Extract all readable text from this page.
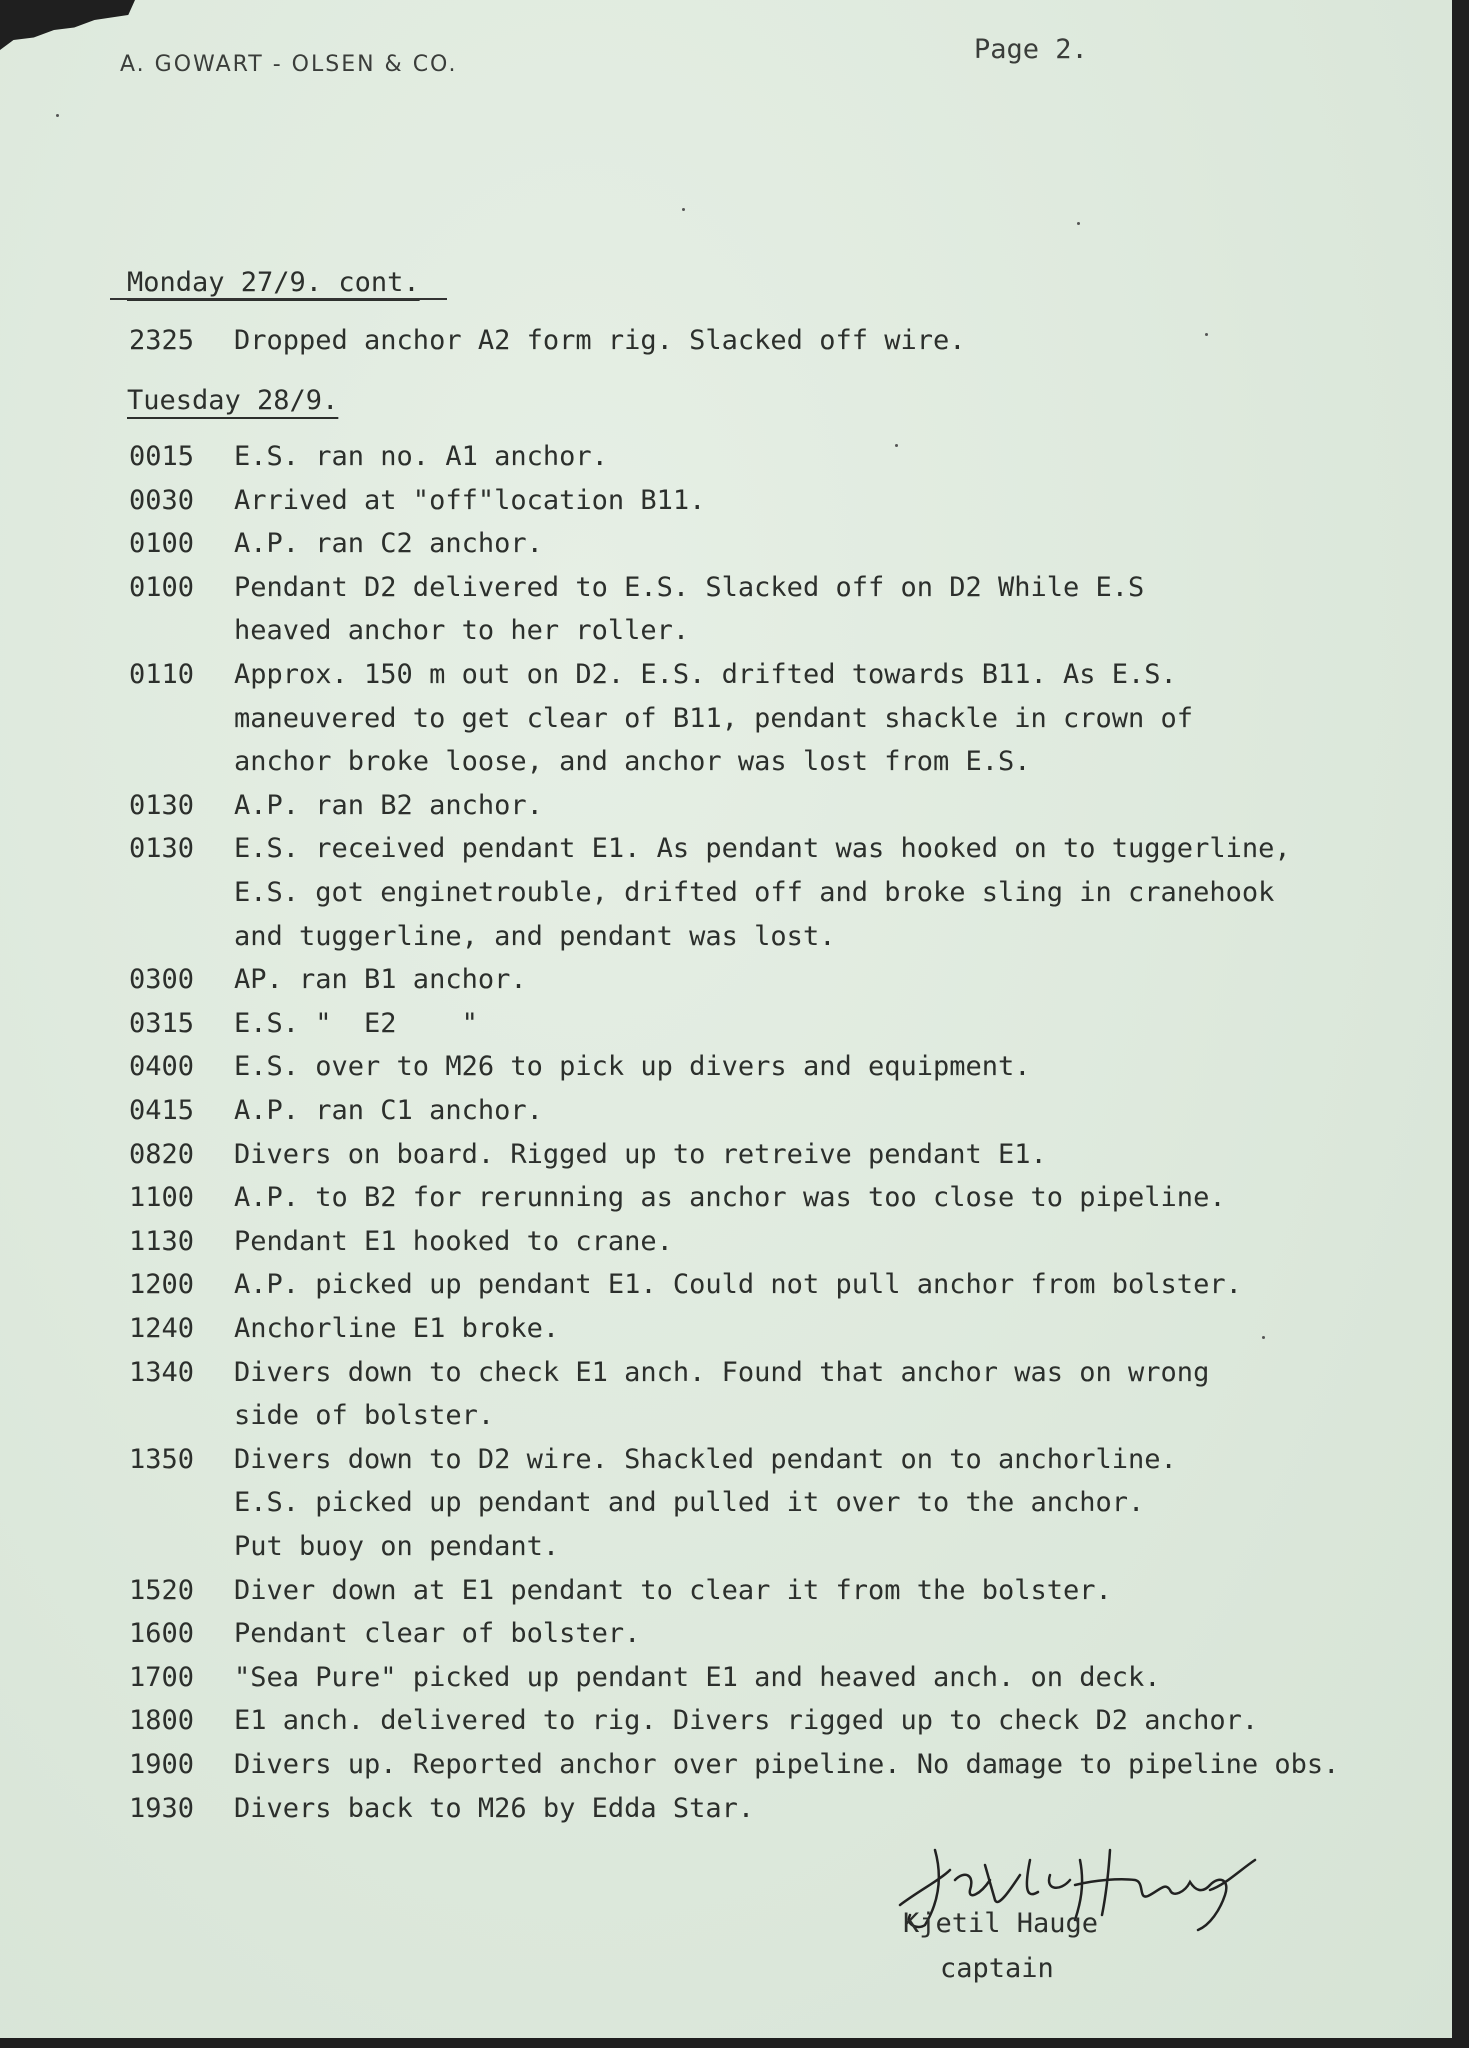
A. GOWART - OLSEN & CO.	Page 2.
Monday 27/9. cont.
Tuesday 28/9.
2325 Dropped anchor A2 form rig. Slacked off wire.
0015 E.S. ran no. A1 anchor.
0030 Arrived at "off"location B11.
0100 A.P. ran C2 anchor.
0100 Pendant D2 delivered to E.S. Slacked off on D2 While E.S
heaved anchor to her roller.
0110 Approx. 150 m out on D2. E.S. drifted towards B11. As E.S.
maneuvered to get clear of B11, pendant shackle in crown of
anchor broke loose, and anchor was lost from E.S.
0130 A.P. ran B2 anchor.
0130 E.S. received pendant E1. As pendant was hooked on to tuggerline,
E.S. got enginetrouble, drifted off and broke sling in cranehook
and tuggerline, and pendant was lost.
0300 AP. ran B1 anchor.
0315 E.S. "  E2    "
0400 E.S. over to M26 to pick up divers and equipment.
0415 A.P. ran C1 anchor.
0820 Divers on board. Rigged up to retreive pendant E1.
1100 A.P. to B2 for rerunning as anchor was too close to pipeline.
1130 Pendant E1 hooked to crane.
1200 A.P. picked up pendant E1. Could not pull anchor from bolster.
1240 Anchorline E1 broke.
1340 Divers down to check E1 anch. Found that anchor was on wrong
side of bolster.
1350 Divers down to D2 wire. Shackled pendant on to anchorline.
E.S. picked up pendant and pulled it over to the anchor.
Put buoy on pendant.
1520 Diver down at E1 pendant to clear it from the bolster.
1600 Pendant clear of bolster.
1700 "Sea Pure" picked up pendant E1 and heaved anch. on deck.
1800 E1 anch. delivered to rig. Divers rigged up to check D2 anchor.
1900 Divers up. Reported anchor over pipeline. No damage to pipeline obs.
1930 Divers back to M26 by Edda Star.
Kjetil Hauge
captain
